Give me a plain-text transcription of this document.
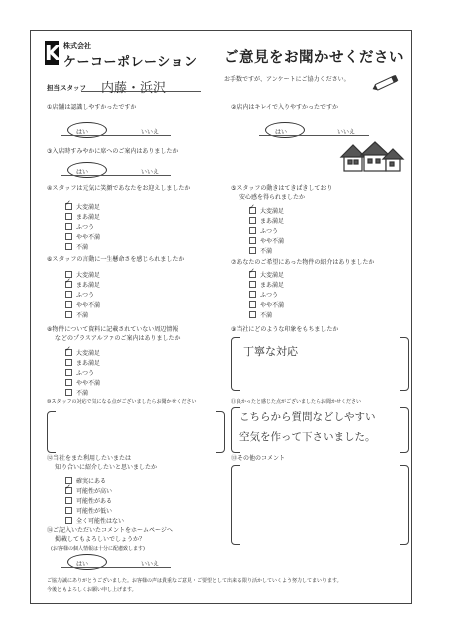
K 株式会社
ケーコーポレーション ご意見をお聞かせください
担当スタッフ 内藤・浜沢
お手数ですが、アンケートにご協力ください。
①店舗は認識しやすかったですか
はい	いいえ
②店内はキレイで入りやすかったですか
はい	いいえ
③入店時すみやかに席へのご案内はありましたか
はい	いいえ
④スタッフは元気に笑顔であなたをお迎えしましたか
✓大変満足
まあ満足
ふつう
やや不満
不満
⑤スタッフの動きはてきぱきしており
安心感を得られましたか
✓大変満足
まあ満足
ふつう
やや不満
不満
⑥スタッフの言動に一生懸命さを感じられましたか
大変満足
✓まあ満足
ふつう
やや不満
不満
⑦あなたのご希望にあった物件の紹介はありましたか
✓大変満足
まあ満足
ふつう
やや不満
不満
⑧物件について資料に記載されていない周辺情報
などのプラスアルファのご案内はありましたか
✓大変満足
まあ満足
ふつう
やや不満
不満
⑨当社にどのような印象をもちましたか
丁寧な対応
⑩スタッフの対応で気になる点がございましたらお聞かせください	⑪良かったと感じた点がございましたらお聞かせください
こちらから質問などしやすい
空気を作って下さいました。
⑫当社をまた利用したいまたは
知り合いに紹介したいと思いましたか
確実にある
✓可能性が高い
可能性がある
可能性が低い
全く可能性はない
⑬その他のコメント
⑭ご記入いただいたコメントをホームページへ
掲載してもよろしいでしょうか？
(お客様の個人情報は十分に配慮致します)
はい	いいえ
ご協力誠にありがとうございました。お客様の声は貴重なご意見・ご要望として出来る限り活かしていくよう努力してまいります。
今後ともよろしくお願い申し上げます。
